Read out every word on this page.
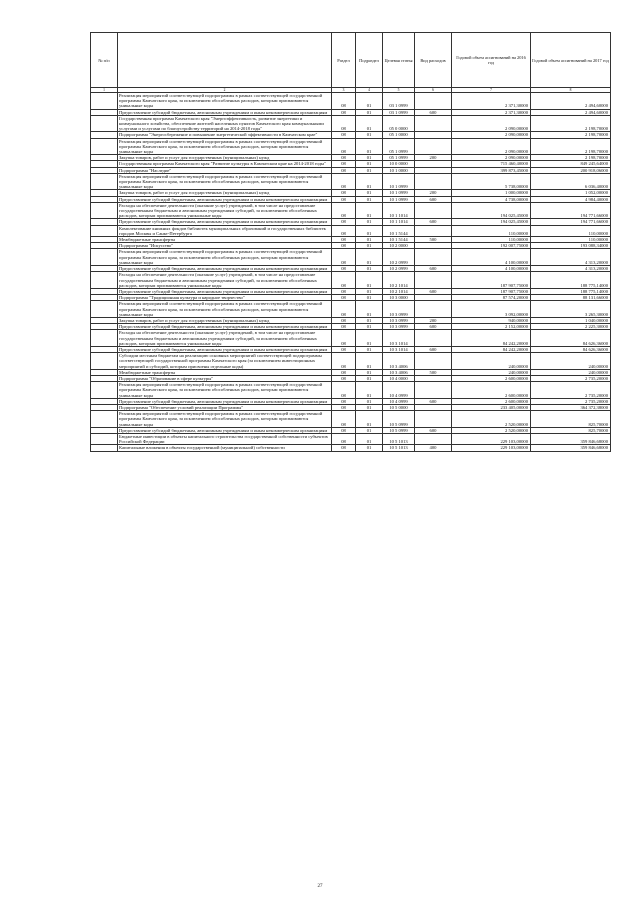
№ п/п		Раздел	Подраздел	Целевая статья	Вид расходов	Годовой объем ассигнований на 2016 год	Годовой объем ассигнований на 2017 год
1	2	3	4	5	6	7	8
	Реализация мероприятий соответствующей подпрограммы в рамках соответствующей государственной программы Камчатского края, за исключением обособленных расходов, которым присваиваются уникальные коды	08	01	03 1 0999		2 371,30000	2 494,60000
	Предоставление субсидий бюджетным, автономным учреждениям и иным некоммерческим организациям	08	01	03 1 0999	600	2 371,30000	2 494,60000
	Государственная программа Камчатского края "Энергоэффективность, развитие энергетики и коммунального хозяйства, обеспечение жителей населенных пунктов Камчатского края коммунальными услугами и услугами по благоустройству территорий на 2014-2018 годы"	08	01	05 0 0000		2 090,00000	2 198,70000
	Подпрограмма "Энергосбережение и повышение энергетической эффективности в Камчатском крае"	08	01	05 1 0000		2 090,00000	2 198,70000
	Реализация мероприятий соответствующей подпрограммы в рамках соответствующей государственной программы Камчатского края, за исключением обособленных расходов, которым присваиваются уникальные коды	08	01	05 1 0999		2 090,00000	2 198,70000
	Закупка товаров, работ и услуг для государственных (муниципальных) нужд	08	01	05 1 0999	200	2 090,00000	2 198,70000
	Государственная программа Камчатского края "Развитие культуры в Камчатском крае на 2014-2018 годы"	08	01	10 0 0000		715 460,40000	849 245,64000
	Подпрограмма "Наследие"	08	01	10 1 0000		399 873,45000	200 918,06000
	Реализация мероприятий соответствующей подпрограммы в рамках соответствующей государственной программы Камчатского края, за исключением обособленных расходов, которым присваиваются уникальные коды	08	01	10 1 0999		5 738,00000	6 036,40000
	Закупка товаров, работ и услуг для государственных (муниципальных) нужд	08	01	10 1 0999	200	1 000,00000	1 052,00000
	Предоставление субсидий бюджетным, автономным учреждениям и иным некоммерческим организациям	08	01	10 1 0999	600	4 738,00000	4 984,40000
	Расходы на обеспечение деятельности (оказание услуг) учреждений, в том числе на предоставление государственным бюджетным и автономным учреждениям субсидий, за исключением обособленных расходов, которым присваиваются уникальные коды	08	01	10 1 1014		194 025,45000	194 771,66000
	Предоставление субсидий бюджетным, автономным учреждениям и иным некоммерческим организациям	08	01	10 1 1014	600	194 025,45000	194 771,66000
	Комплектование книжных фондов библиотек муниципальных образований и государственных библиотек городов Москвы и Санкт-Петербурга	08	01	10 1 5144		110,00000	110,00000
	Межбюджетные трансферты	08	01	10 1 5144	500	110,00000	110,00000
	Подпрограмма "Искусство"	08	01	10 2 0000		192 007,75000	193 088,34000
	Реализация мероприятий соответствующей подпрограммы в рамках соответствующей государственной программы Камчатского края, за исключением обособленных расходов, которым присваиваются уникальные коды	08	01	10 2 0999		4 100,00000	4 313,20000
	Предоставление субсидий бюджетным, автономным учреждениям и иным некоммерческим организациям	08	01	10 2 0999	600	4 100,00000	4 313,20000
	Расходы на обеспечение деятельности (оказание услуг) учреждений, в том числе на предоставление государственным бюджетным и автономным учреждениям субсидий, за исключением обособленных расходов, которым присваиваются уникальные коды	08	01	10 2 1014		187 907,75000	188 775,14000
	Предоставление субсидий бюджетным, автономным учреждениям и иным некоммерческим организациям	08	01	10 2 1014	600	187 907,75000	188 775,14000
	Подпрограмма "Традиционная культура и народное творчество"	08	01	10 3 0000		87 574,20000	88 131,66000
	Реализация мероприятий соответствующей подпрограммы в рамках соответствующей государственной программы Камчатского края, за исключением обособленных расходов, которым присваиваются уникальные коды	08	01	10 3 0999		3 092,00000	3 265,30000
	Закупка товаров, работ и услуг для государственных (муниципальных) нужд	08	01	10 3 0999	200	940,00000	1 040,00000
	Предоставление субсидий бюджетным, автономным учреждениям и иным некоммерческим организациям	08	01	10 3 0999	600	2 152,00000	2 225,30000
	Расходы на обеспечение деятельности (оказание услуг) учреждений, в том числе на предоставление государственным бюджетным и автономным учреждениям субсидий, за исключением обособленных расходов, которым присваиваются уникальные коды	08	01	10 3 1014		84 242,20000	84 626,36000
	Предоставление субсидий бюджетным, автономным учреждениям и иным некоммерческим организациям	08	01	10 3 1014	600	84 242,20000	84 626,36000
	Субсидии местным бюджетам на реализацию основных мероприятий соответствующей подпрограммы соответствующей государственной программы Камчатского края (за исключением инвестиционных мероприятий и субсидий, которым присвоены отдельные коды)	08	01	10 3 4006		240,00000	240,00000
	Межбюджетные трансферты	08	01	10 3 4006	500	240,00000	240,00000
	Подпрограмма "Образование в сфере культуры"	08	01	10 4 0000		2 600,00000	2 735,20000
	Реализация мероприятий соответствующей подпрограммы в рамках соответствующей государственной программы Камчатского края, за исключением обособленных расходов, которым присваиваются уникальные коды	08	01	10 4 0999		2 600,00000	2 735,20000
	Предоставление субсидий бюджетным, автономным учреждениям и иным некоммерческим организациям	08	01	10 4 0999	600	2 600,00000	2 735,20000
	Подпрограмма "Обеспечение условий реализации Программы"	08	01	10 5 0000		233 405,00000	364 372,38000
	Реализация мероприятий соответствующей подпрограммы в рамках соответствующей государственной программы Камчатского края, за исключением обособленных расходов, которым присваиваются уникальные коды	08	01	10 5 0999		2 520,00000	825,70000
	Предоставление субсидий бюджетным, автономным учреждениям и иным некоммерческим организациям	08	01	10 5 0999	600	2 520,00000	825,70000
	Бюджетные инвестиции в объекты капитального строительства государственной собственности субъектов Российской Федерации	08	01	10 5 1013		229 103,00000	359 846,68000
	Капитальные вложения в объекты государственной (муниципальной) собственности	08	01	10 5 1013	400	229 103,00000	359 846,68000
27
